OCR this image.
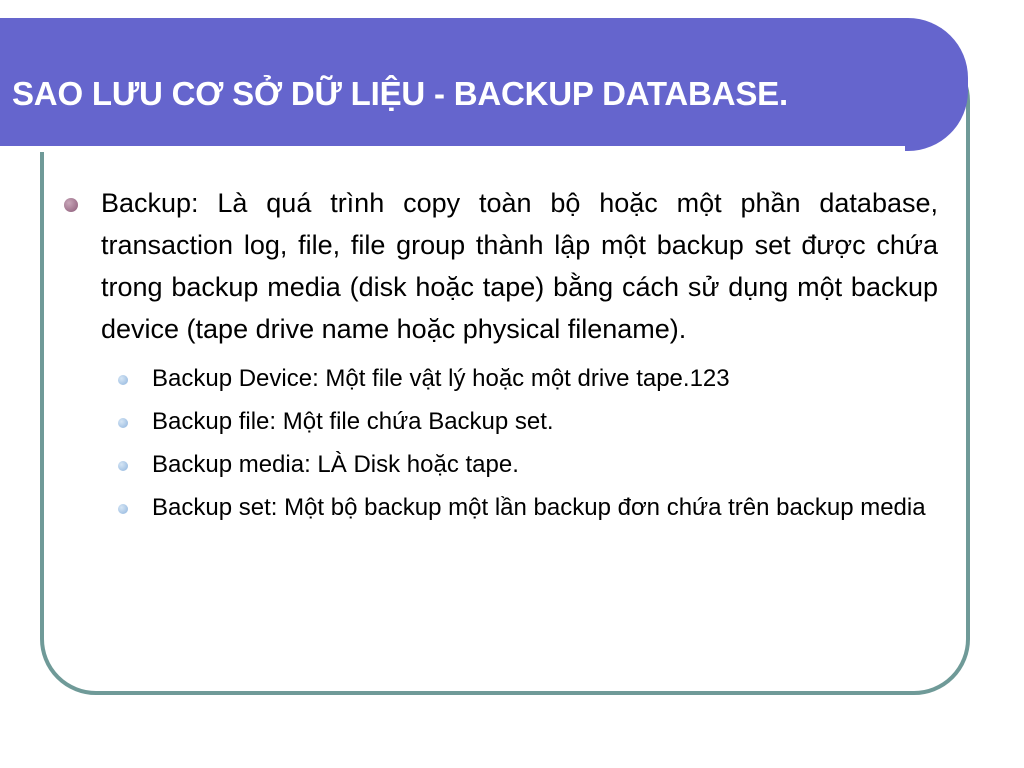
SAO LƯU CƠ SỞ DỮ LIỆU - BACKUP DATABASE.
Backup: Là quá trình copy toàn bộ hoặc một phần database, transaction log, file, file group thành lập một backup set được chứa trong backup media (disk hoặc tape) bằng cách sử dụng một backup device (tape drive name hoặc physical filename).
Backup Device: Một file vật lý hoặc một drive tape.123
Backup file: Một file chứa Backup set.
Backup media: LÀ Disk hoặc tape.
Backup set: Một bộ backup một lần backup đơn chứa trên backup media
